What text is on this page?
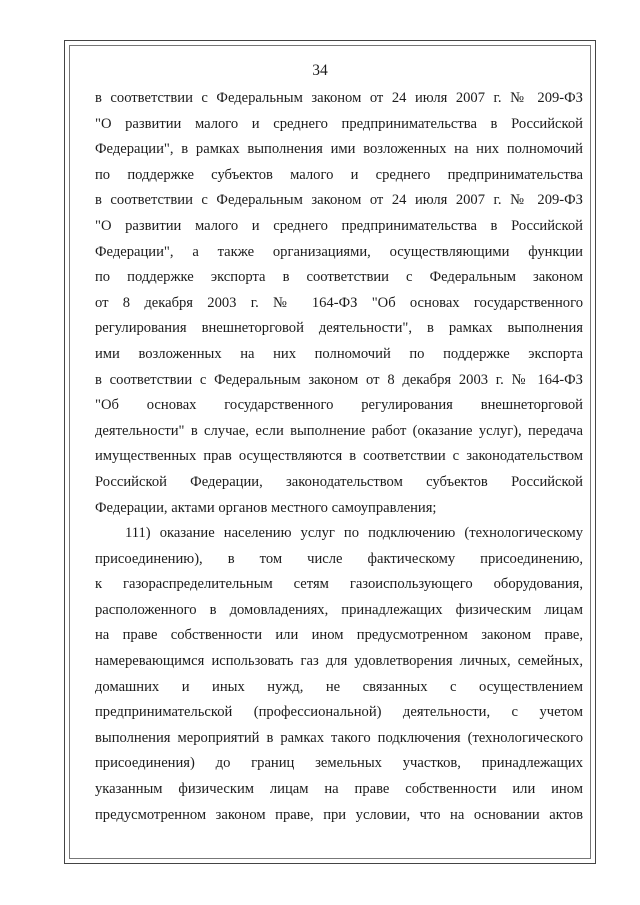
34
в соответствии с Федеральным законом от 24 июля 2007 г. № 209-ФЗ
"О развитии малого и среднего предпринимательства в Российской
Федерации", в рамках выполнения ими возложенных на них полномочий
по поддержке субъектов малого и среднего предпринимательства
в соответствии с Федеральным законом от 24 июля 2007 г. № 209-ФЗ
"О развитии малого и среднего предпринимательства в Российской
Федерации", а также организациями, осуществляющими функции
по поддержке экспорта в соответствии с Федеральным законом
от 8 декабря 2003 г. № 164-ФЗ "Об основах государственного
регулирования внешнеторговой деятельности", в рамках выполнения
ими возложенных на них полномочий по поддержке экспорта
в соответствии с Федеральным законом от 8 декабря 2003 г. № 164-ФЗ
"Об основах государственного регулирования внешнеторговой
деятельности" в случае, если выполнение работ (оказание услуг), передача
имущественных прав осуществляются в соответствии с законодательством
Российской Федерации, законодательством субъектов Российской
Федерации, актами органов местного самоуправления;
111) оказание населению услуг по подключению (технологическому
присоединению), в том числе фактическому присоединению,
к газораспределительным сетям газоиспользующего оборудования,
расположенного в домовладениях, принадлежащих физическим лицам
на праве собственности или ином предусмотренном законом праве,
намеревающимся использовать газ для удовлетворения личных, семейных,
домашних и иных нужд, не связанных с осуществлением
предпринимательской (профессиональной) деятельности, с учетом
выполнения мероприятий в рамках такого подключения (технологического
присоединения) до границ земельных участков, принадлежащих
указанным физическим лицам на праве собственности или ином
предусмотренном законом праве, при условии, что на основании актов
